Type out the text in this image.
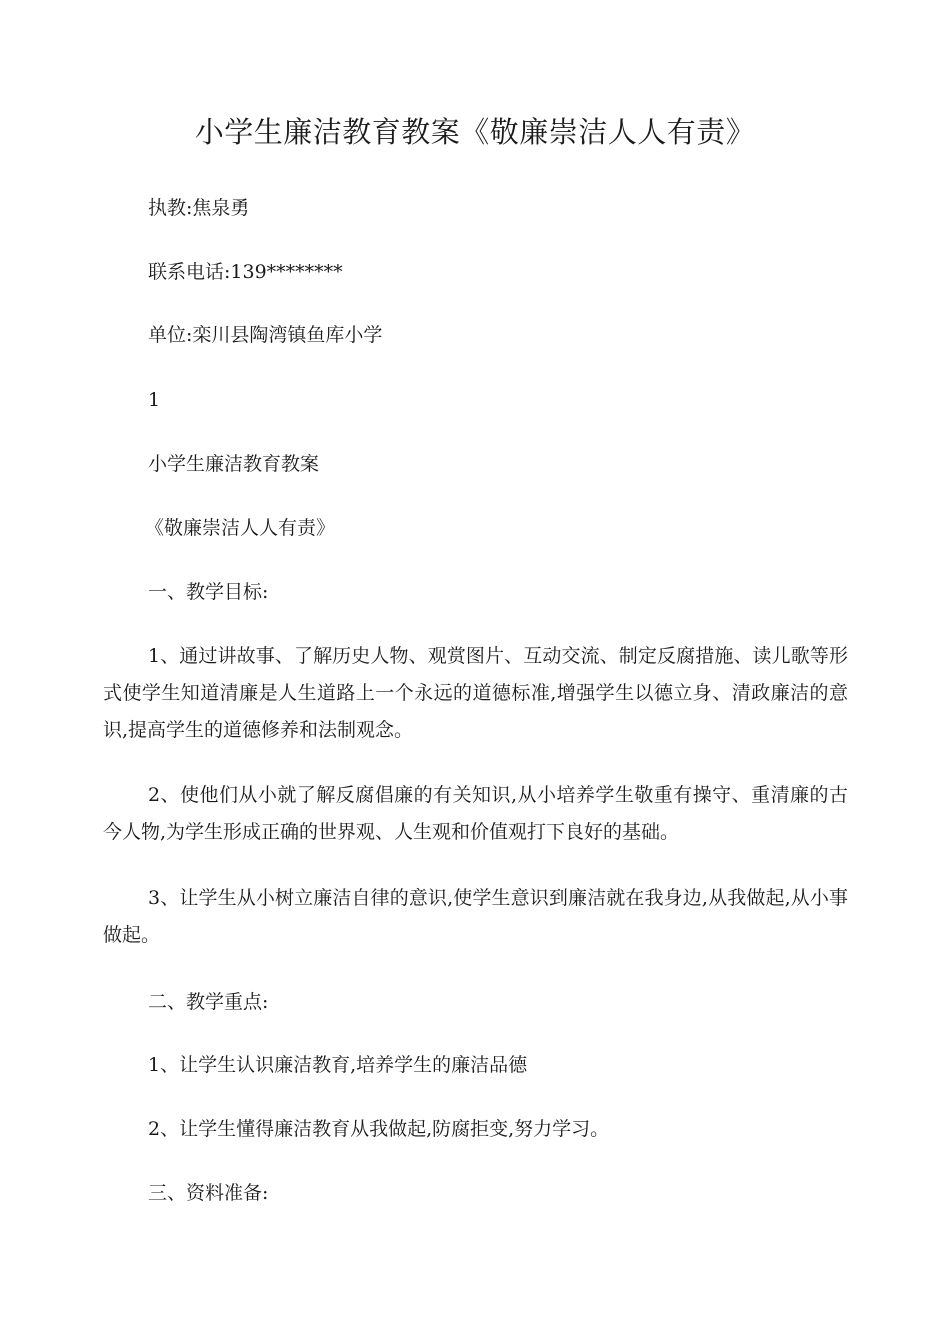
小学生廉洁教育教案《敬廉崇洁人人有责》
执教:焦泉勇
联系电话:139********
单位:栾川县陶湾镇鱼库小学
1
小学生廉洁教育教案
《敬廉崇洁人人有责》
一、教学目标:
1、通过讲故事、了解历史人物、观赏图片、互动交流、制定反腐措施、读儿歌等形式使学生知道清廉是人生道路上一个永远的道德标准,增强学生以德立身、清政廉洁的意识,提高学生的道德修养和法制观念。
2、使他们从小就了解反腐倡廉的有关知识,从小培养学生敬重有操守、重清廉的古今人物,为学生形成正确的世界观、人生观和价值观打下良好的基础。
3、让学生从小树立廉洁自律的意识,使学生意识到廉洁就在我身边,从我做起,从小事做起。
二、教学重点:
1、让学生认识廉洁教育,培养学生的廉洁品德
2、让学生懂得廉洁教育从我做起,防腐拒变,努力学习。
三、资料准备:
